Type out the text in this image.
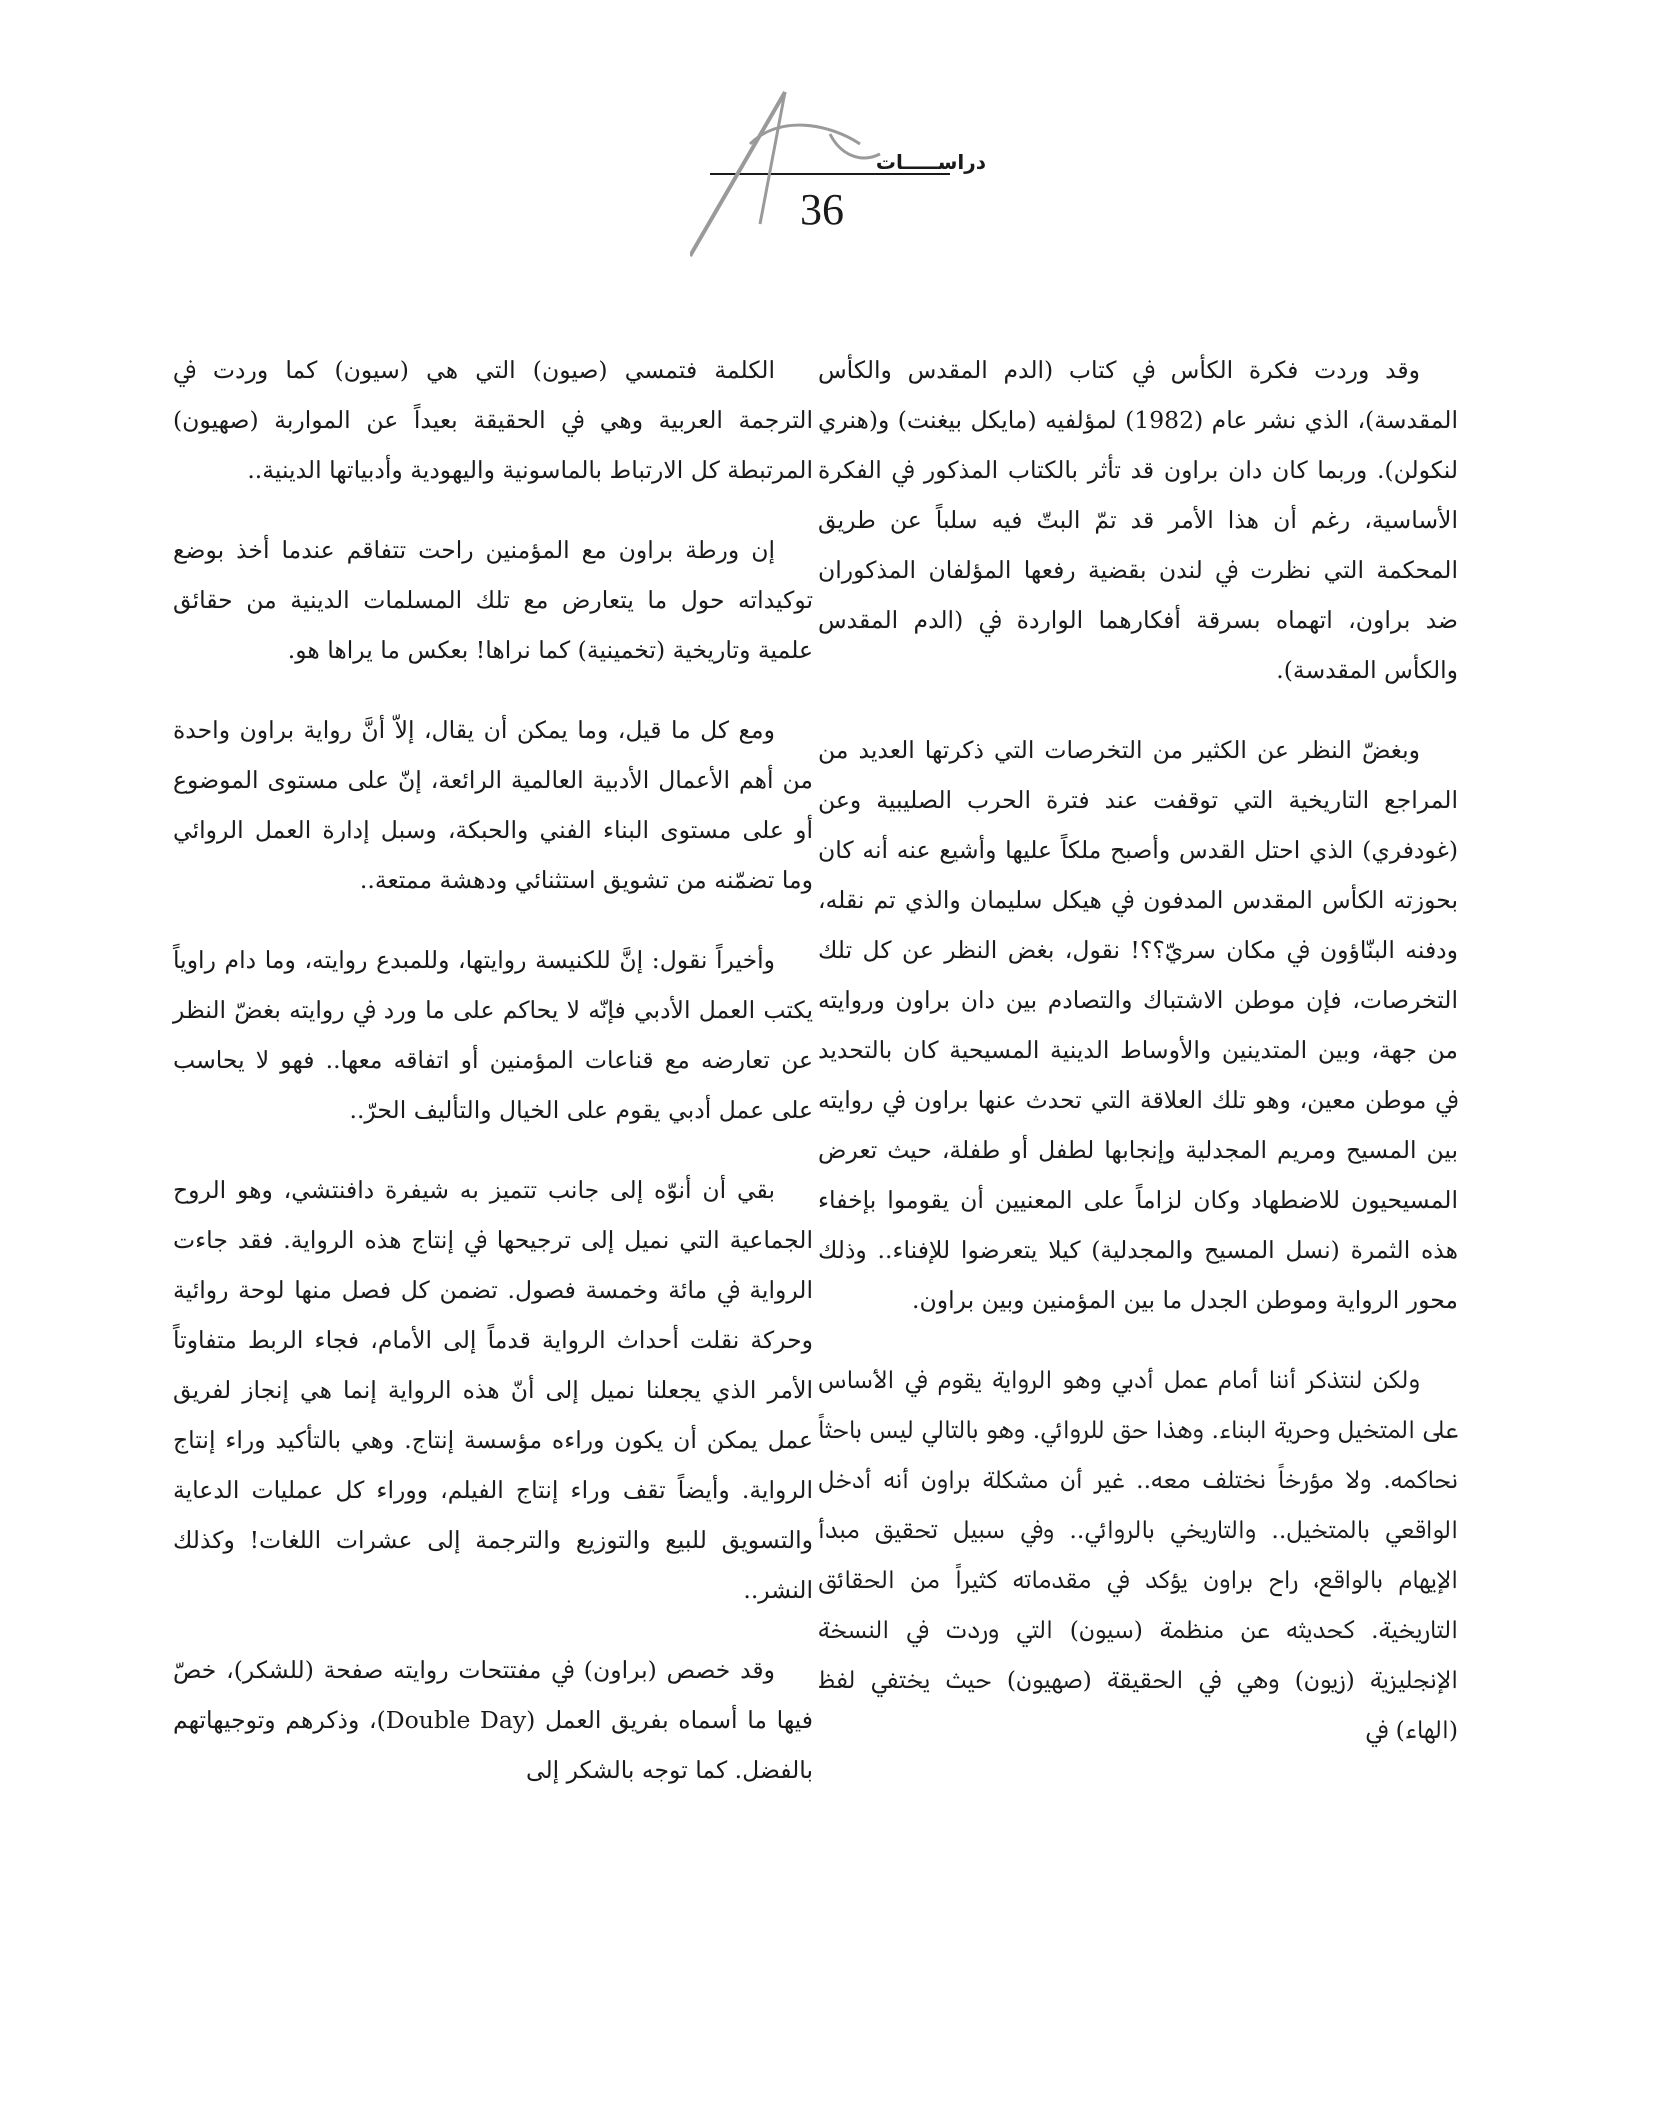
دراســـــات
36

وقد وردت فكرة الكأس ﰲ كتاب (الدم المقدس والكأس المقدسة)، الذي نشر عام (1982) لمؤلفيه (مايكل بيغنت) و(هنري لنكولن). وربما كان دان براون قد تأثر بالكتاب المذكور ﰲ الفكرة الأساسية، رغم أن هذا الأمر قد تمّ البتّ فيه سلباً عن طريق المحكمة التي نظرت ﰲ لندن بقضية رفعها المؤلفان المذكوران ضد براون، اتهماه بسرقة أفكارهما الواردة ﰲ (الدم المقدس والكأس المقدسة).

وبغضّ النظر عن الكثير من التخرصات التي ذكرتها العديد من المراجع التاريخية التي توقفت عند فترة الحرب الصليبية وعن (غودفري) الذي احتل القدس وأصبح ملكاً عليها وأشيع عنه أنه كان بحوزته الكأس المقدس المدفون ﰲ هيكل سليمان والذي تم نقله، ودفنه البنّاؤون ﰲ مكان سريّ؟؟! نقول، بغض النظر عن كل تلك التخرصات، فإن موطن الاشتباك والتصادم بين دان براون وروايته من جهة، وبين المتدينين والأوساط الدينية المسيحية كان بالتحديد ﰲ موطن معين، وهو تلك العلاقة التي تحدث عنها براون ﰲ روايته بين المسيح ومريم المجدلية وإنجابها لطفل أو طفلة، حيث تعرض المسيحيون للاضطهاد وكان لزاماً على المعنيين أن يقوموا بإخفاء هذه الثمرة (نسل المسيح والمجدلية) كيلا يتعرضوا للإفناء.. وذلك محور الرواية وموطن الجدل ما بين المؤمنين وبين براون.

ولكن لنتذكر أننا أمام عمل أدبي وهو الرواية يقوم ﰲ الأساس على المتخيل وحرية البناء. وهذا حق للروائي. وهو بالتالي ليس باحثاً نحاكمه. ولا مؤرخاً نختلف معه.. غير أن مشكلة براون أنه أدخل الواقعي بالمتخيل.. والتاريخي بالروائي.. وﰲ سبيل تحقيق مبدأ الإيهام بالواقع، راح براون يؤكد ﰲ مقدماته كثيراً من الحقائق التاريخية. كحديثه عن منظمة (سيون) التي وردت ﰲ النسخة الإنجليزية (زيون) وهي ﰲ الحقيقة (صهيون) حيث يختفي لفظ (الهاء) ﰲ

الكلمة فتمسي (صيون) التي هي (سيون) كما وردت ﰲ الترجمة العربية وهي ﰲ الحقيقة بعيداً عن المواربة (صهيون) المرتبطة كل الارتباط بالماسونية واليهودية وأدبياتها الدينية..

إن ورطة براون مع المؤمنين راحت تتفاقم عندما أخذ بوضع توكيداته حول ما يتعارض مع تلك المسلمات الدينية من حقائق علمية وتاريخية (تخمينية) كما نراها! بعكس ما يراها هو.

ومع كل ما قيل، وما يمكن أن يقال، إلاّ أنَّ رواية براون واحدة من أهم الأعمال الأدبية العالمية الرائعة، إنّ على مستوى الموضوع أو على مستوى البناء الفني والحبكة، وسبل إدارة العمل الروائي وما تضمّنه من تشويق استثنائي ودهشة ممتعة..

وأخيراً نقول: إنَّ للكنيسة روايتها، وللمبدع روايته، وما دام راوياً يكتب العمل الأدبي فإنّه لا يحاكم على ما ورد ﰲ روايته بغضّ النظر عن تعارضه مع قناعات المؤمنين أو اتفاقه معها.. فهو لا يحاسب على عمل أدبي يقوم على الخيال والتأليف الحرّ..

بقي أن أنوّه إلى جانب تتميز به شيفرة دافنتشي، وهو الروح الجماعية التي نميل إلى ترجيحها ﰲ إنتاج هذه الرواية. فقد جاءت الرواية ﰲ مائة وخمسة فصول. تضمن كل فصل منها لوحة روائية وحركة نقلت أحداث الرواية قدماً إلى الأمام، فجاء الربط متفاوتاً الأمر الذي يجعلنا نميل إلى أنّ هذه الرواية إنما هي إنجاز لفريق عمل يمكن أن يكون وراءه مؤسسة إنتاج. وهي بالتأكيد وراء إنتاج الرواية. وأيضاً تقف وراء إنتاج الفيلم، ووراء كل عمليات الدعاية والتسويق للبيع والتوزيع والترجمة إلى عشرات اللغات! وكذلك النشر..

وقد خصص (براون) ﰲ مفتتحات روايته صفحة (للشكر)، خصّ فيها ما أسماه بفريق العمل (Double Day)، وذكرهم وتوجيهاتهم بالفضل. كما توجه بالشكر إلى
